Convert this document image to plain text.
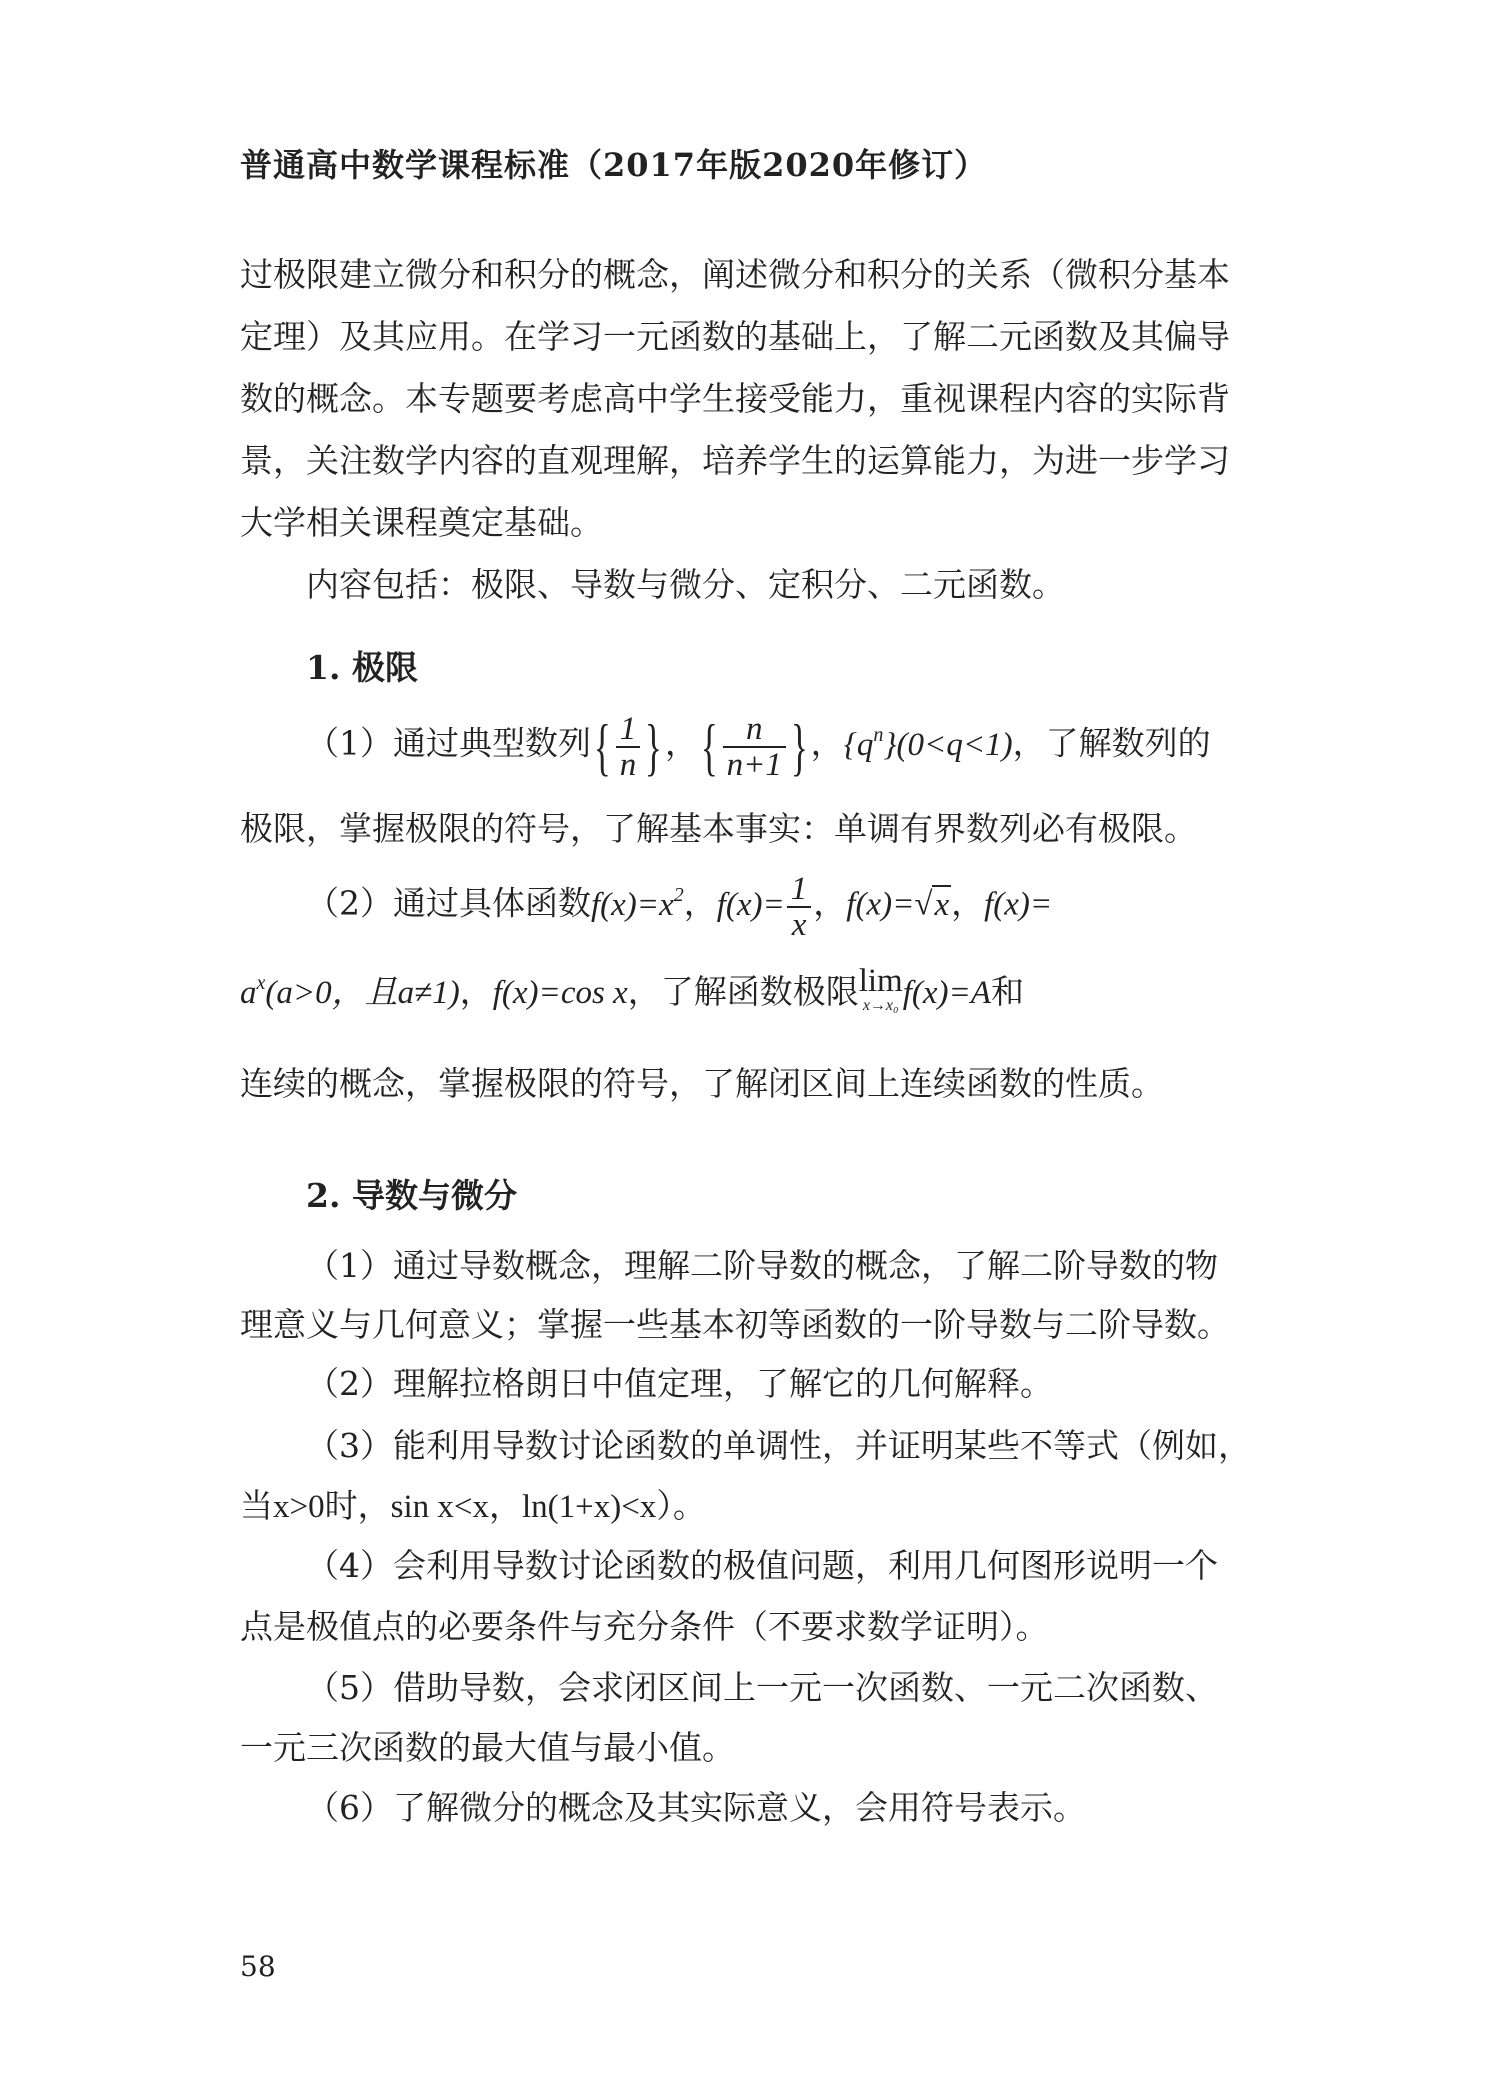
普通高中数学课程标准（2017年版2020年修订）

过极限建立微分和积分的概念，阐述微分和积分的关系（微积分基本定理）及其应用。在学习一元函数的基础上，了解二元函数及其偏导数的概念。本专题要考虑高中学生接受能力，重视课程内容的实际背景，关注数学内容的直观理解，培养学生的运算能力，为进一步学习大学相关课程奠定基础。

内容包括：极限、导数与微分、定积分、二元函数。

1. 极限
（1）通过典型数列{ $\frac{1}{n}$ }，{ $\frac{n}{n+1}$ }，$\{q^n\}(0<q<1)$，了解数列的
极限，掌握极限的符号，了解基本事实：单调有界数列必有极限。
（2）通过具体函数$f(x)=x^2$，$f(x)= \frac{1}{x}$ ，f(x)=√x，f(x)=
$a^x(a>0$，且a≠1)，f(x)=cos x，了解函数极限 lim
x→x₀ f(x)=A和
连续的概念，掌握极限的符号，了解闭区间上连续函数的性质。
2. 导数与微分
（1）通过导数概念，理解二阶导数的概念，了解二阶导数的物
理意义与几何意义；掌握一些基本初等函数的一阶导数与二阶导数。
（2）理解拉格朗日中值定理，了解它的几何解释。
（3）能利用导数讨论函数的单调性，并证明某些不等式（例如，
当x>0时，sin x<x，ln(1+x)<x）。
（4）会利用导数讨论函数的极值问题，利用几何图形说明一个
点是极值点的必要条件与充分条件（不要求数学证明）。
（5）借助导数，会求闭区间上一元一次函数、一元二次函数、
一元三次函数的最大值与最小值。
（6）了解微分的概念及其实际意义，会用符号表示。
58
